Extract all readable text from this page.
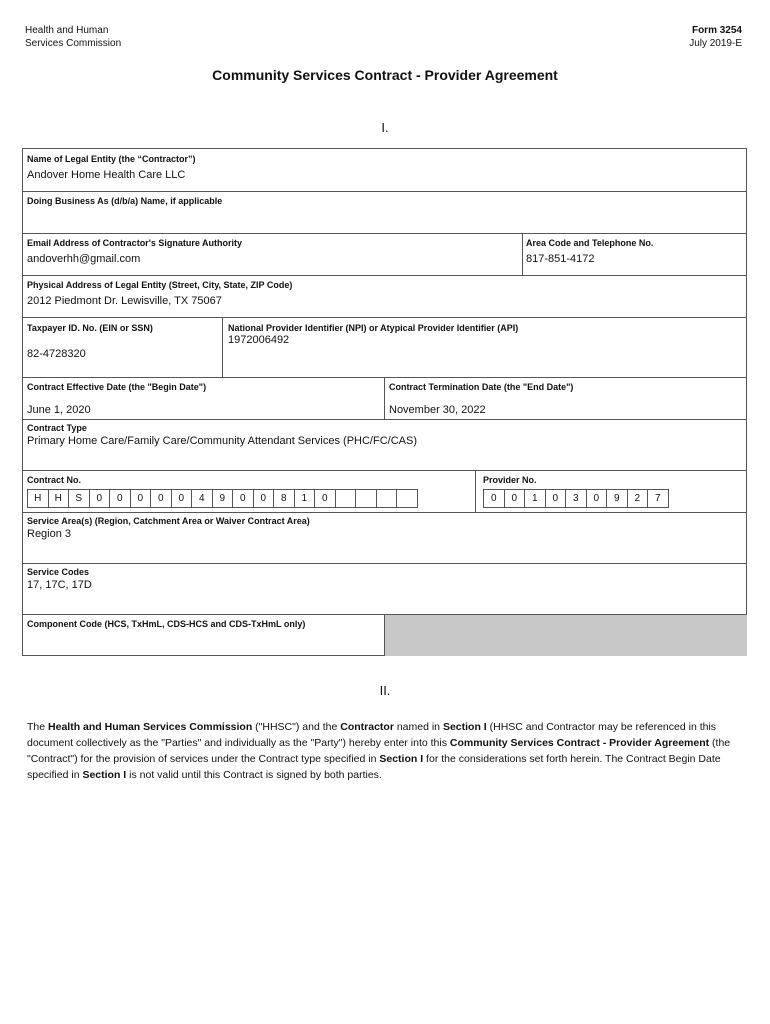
Health and Human
Services Commission
Form 3254
July 2019-E
Community Services Contract - Provider Agreement
I.
Name of Legal Entity (the “Contractor”)
Andover Home Health Care LLC
Doing Business As (d/b/a) Name, if applicable
Email Address of Contractor's Signature Authority
andoverhh@gmail.com
Area Code and Telephone No.
817-851-4172
Physical Address of Legal Entity (Street, City, State, ZIP Code)
2012 Piedmont Dr. Lewisville, TX 75067
Taxpayer ID. No. (EIN or SSN)
82-4728320
National Provider Identifier (NPI) or Atypical Provider Identifier (API)
1972006492
Contract Effective Date (the "Begin Date")
June 1, 2020
Contract Termination Date (the "End Date")
November 30, 2022
Contract Type
Primary Home Care/Family Care/Community Attendant Services (PHC/FC/CAS)
Contract No.
H	H	S	0	0	0	0	0	4	9	0	0	8	1	0
Provider No.
0	0	1	0	3	0	9	2	7
Service Area(s) (Region, Catchment Area or Waiver Contract Area)
Region 3
Service Codes
17, 17C, 17D
Component Code (HCS, TxHmL, CDS-HCS and CDS-TxHmL only)
II.
The Health and Human Services Commission ("HHSC") and the Contractor named in Section I (HHSC and Contractor may be referenced in this document collectively as the "Parties" and individually as the "Party") hereby enter into this Community Services Contract - Provider Agreement (the "Contract") for the provision of services under the Contract type specified in Section I for the considerations set forth herein. The Contract Begin Date specified in Section I is not valid until this Contract is signed by both parties.
